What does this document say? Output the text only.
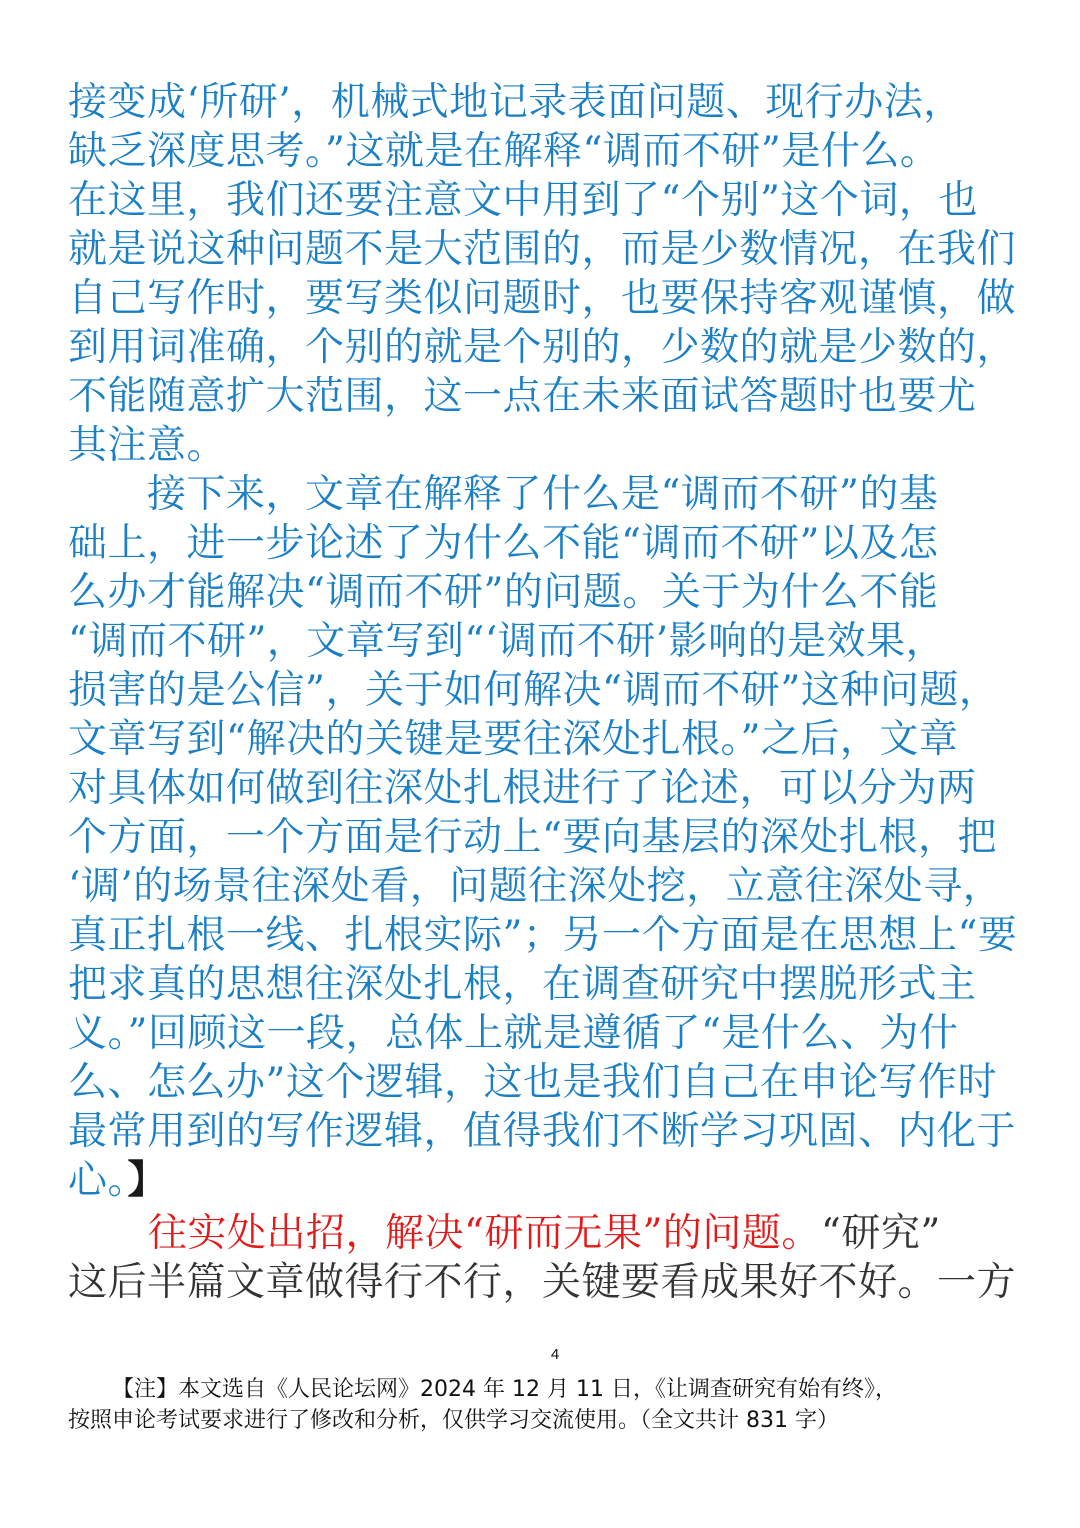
接变成‘所研’，机械式地记录表面问题、现行办法，
缺乏深度思考。”这就是在解释“调而不研”是什么。
在这里，我们还要注意文中用到了“个别”这个词，也
就是说这种问题不是大范围的，而是少数情况，在我们
自己写作时，要写类似问题时，也要保持客观谨慎，做
到用词准确，个别的就是个别的，少数的就是少数的，
不能随意扩大范围，这一点在未来面试答题时也要尤
其注意。
　　接下来，文章在解释了什么是“调而不研”的基
础上，进一步论述了为什么不能“调而不研”以及怎
么办才能解决“调而不研”的问题。关于为什么不能
“调而不研”，文章写到“‘调而不研’影响的是效果，
损害的是公信”，关于如何解决“调而不研”这种问题，
文章写到“解决的关键是要往深处扎根。”之后，文章
对具体如何做到往深处扎根进行了论述，可以分为两
个方面，一个方面是行动上“要向基层的深处扎根，把
‘调’的场景往深处看，问题往深处挖，立意往深处寻，
真正扎根一线、扎根实际”；另一个方面是在思想上“要
把求真的思想往深处扎根，在调查研究中摆脱形式主
义。”回顾这一段，总体上就是遵循了“是什么、为什
么、怎么办”这个逻辑，这也是我们自己在申论写作时
最常用到的写作逻辑，值得我们不断学习巩固、内化于
心。】
往实处出招，解决“研而无果”的问题。“研究”
这后半篇文章做得行不行，关键要看成果好不好。一方
4
【注】本文选自《人民论坛网》2024 年 12 月 11 日，《让调查研究有始有终》，
按照申论考试要求进行了修改和分析，仅供学习交流使用。（全文共计 831 字）
